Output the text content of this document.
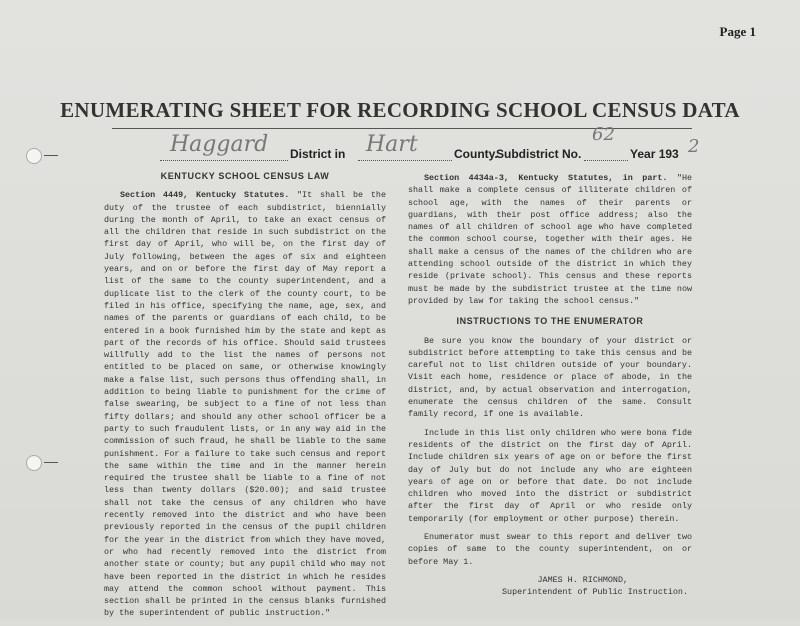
Page 1
ENUMERATING SHEET FOR RECORDING SCHOOL CENSUS DATA
Haggard District in Hart	County.
Subdistrict No.
62
Year 193 2
KENTUCKY SCHOOL CENSUS LAW

Section 4449, Kentucky Statutes. "It shall be the duty of the trustee of each subdistrict, biennially during the month of April, to take an exact census of all the children that reside in such subdistrict on the first day of April, who will be, on the first day of July following, between the ages of six and eighteen years, and on or before the first day of May report a list of the same to the county superintendent, and a duplicate list to the clerk of the county court, to be filed in his office, specifying the name, age, sex, and names of the parents or guardians of each child, to be entered in a book furnished him by the state and kept as part of the records of his office. Should said trustees willfully add to the list the names of persons not entitled to be placed on same, or otherwise knowingly make a false list, such persons thus offending shall, in addition to being liable to punishment for the crime of false swearing, be subject to a fine of not less than fifty dollars; and should any other school officer be a party to such fraudulent lists, or in any way aid in the commission of such fraud, he shall be liable to the same punishment. For a failure to take such census and report the same within the time and in the manner herein required the trustee shall be liable to a fine of not less than twenty dollars ($20.00); and said trustee shall not take the census of any children who have recently removed into the district and who have been previously reported in the census of the pupil children for the year in the district from which they have moved, or who had recently removed into the district from another state or county; but any pupil child who may not have been reported in the district in which he resides may attend the common school without payment. This section shall be printed in the census blanks furnished by the superintendent of public instruction."

Section 4434a-3, Kentucky Statutes, in part. "He shall make a complete census of illiterate children of school age, with the names of their parents or guardians, with their post office address; also the names of all children of school age who have completed the common school course, together with their ages. He shall make a census of the names of the children who are attending school outside of the district in which they reside (private school). This census and these reports must be made by the subdistrict trustee at the time now provided by law for taking the school census."

INSTRUCTIONS TO THE ENUMERATOR

Be sure you know the boundary of your district or subdistrict before attempting to take this census and be careful not to list children outside of your boundary. Visit each home, residence or place of abode, in the district, and, by actual observation and interrogation, enumerate the census children of the same. Consult family record, if one is available.

Include in this list only children who were bona fide residents of the district on the first day of April. Include children six years of age on or before the first day of July but do not include any who are eighteen years of age on or before that date. Do not include children who moved into the district or subdistrict after the first day of April or who reside only temporarily (for employment or other purpose) therein.

Enumerator must swear to this report and deliver two copies of same to the county superintendent, on or before May 1.

JAMES H. RICHMOND,
Superintendent of Public Instruction.
